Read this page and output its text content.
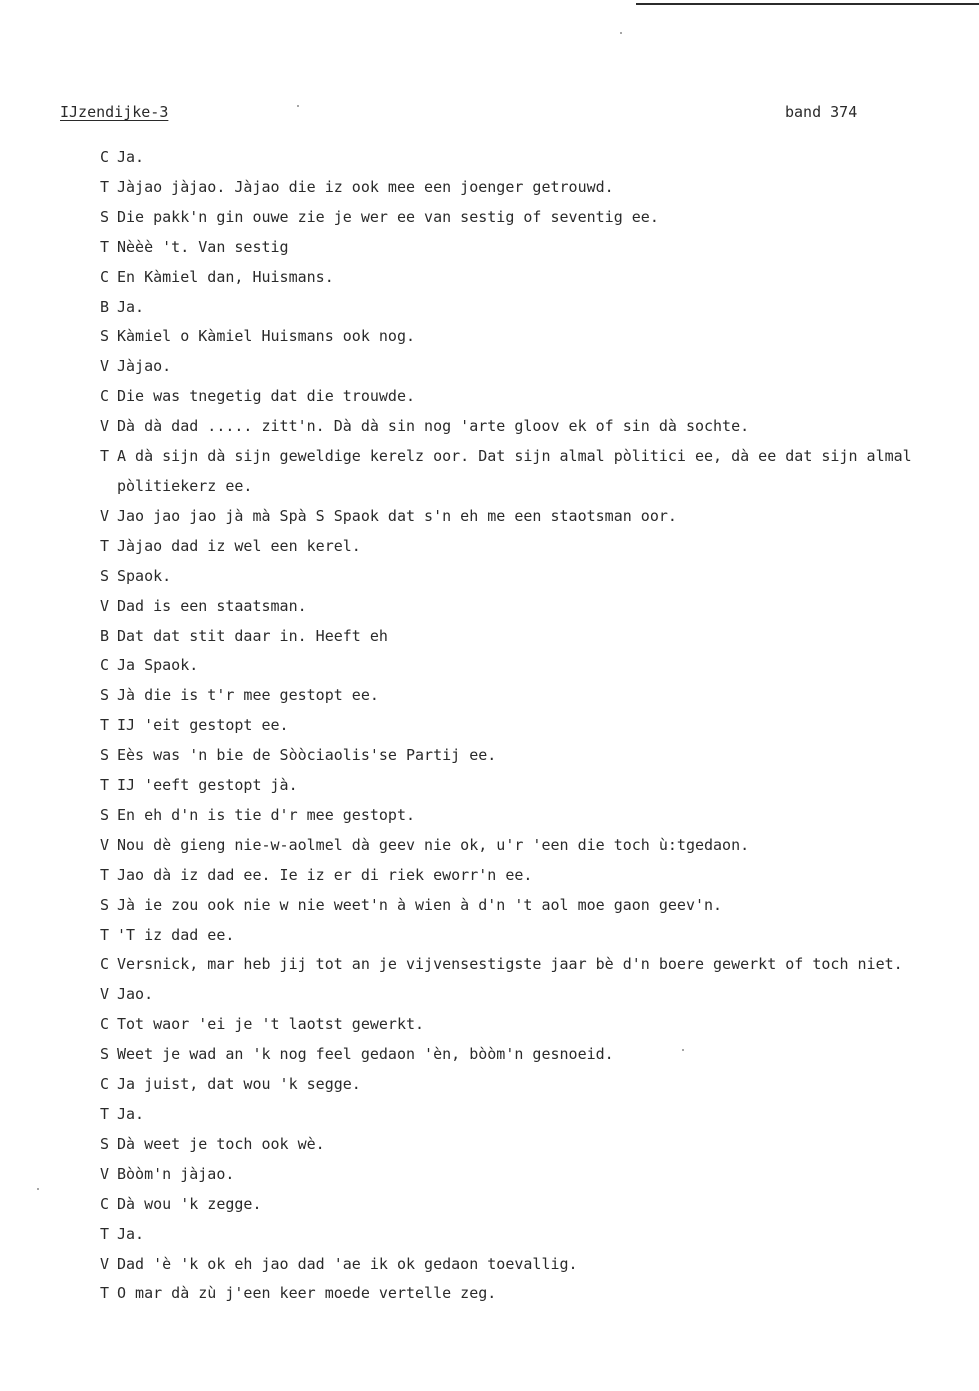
IJzendijke-3	band 374
C Ja.
T Jàjao jàjao. Jàjao die iz ook mee een joenger getrouwd.
S Die pakk'n gin ouwe zie je wer ee van sestig of seventig ee.
T Nèèè 't. Van sestig
C En Kàmiel dan, Huismans.
B Ja.
S Kàmiel o Kàmiel Huismans ook nog.
V Jàjao.
C Die was tnegetig dat die trouwde.
V Dà dà dad ..... zitt'n. Dà dà sin nog 'arte gloov ek of sin dà sochte.
T A dà sijn dà sijn geweldige kerelz oor. Dat sijn almal pòlitici ee, dà ee dat sijn almal pòlitiekerz ee.
V Jao jao jao jà mà Spà S Spaok dat s'n eh me een staotsman oor.
T Jàjao dad iz wel een kerel.
S Spaok.
V Dad is een staatsman.
B Dat dat stit daar in. Heeft eh
C Ja Spaok.
S Jà die is t'r mee gestopt ee.
T IJ 'eit gestopt ee.
S Eès was 'n bie de Sòòciaolis'se Partij ee.
T IJ 'eeft gestopt jà.
S En eh d'n is tie d'r mee gestopt.
V Nou dè gieng nie-w-aolmel dà geev nie ok, u'r 'een die toch ù:tgedaon.
T Jao dà iz dad ee. Ie iz er di riek eworr'n ee.
S Jà ie zou ook nie w nie weet'n à wien à d'n 't aol moe gaon geev'n.
T 'T iz dad ee.
C Versnick, mar heb jij tot an je vijvensestigste jaar bè d'n boere gewerkt of toch niet.
V Jao.
C Tot waor 'ei je 't laotst gewerkt.
S Weet je wad an 'k nog feel gedaon 'èn, bòòm'n gesnoeid.
C Ja juist, dat wou 'k segge.
T Ja.
S Dà weet je toch ook wè.
V Bòòm'n jàjao.
C Dà wou 'k zegge.
T Ja.
V Dad 'è 'k ok eh jao dad 'ae ik ok gedaon toevallig.
T O mar dà zù j'een keer moede vertelle zeg.
